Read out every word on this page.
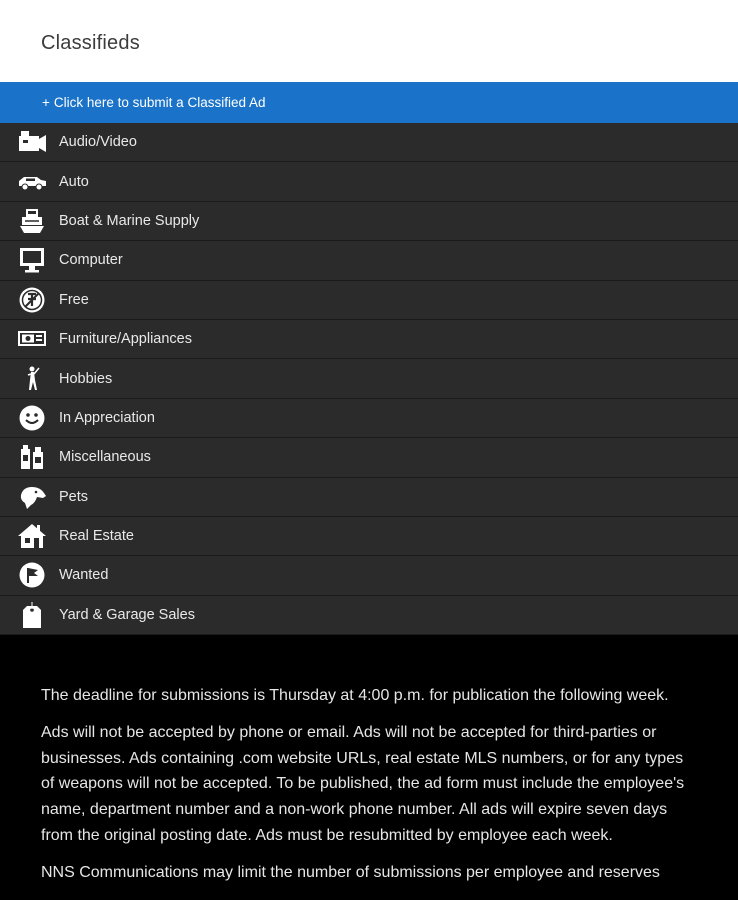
Classifieds
+ Click here to submit a Classified Ad
Audio/Video
Auto
Boat & Marine Supply
Computer
Free
Furniture/Appliances
Hobbies
In Appreciation
Miscellaneous
Pets
Real Estate
Wanted
Yard & Garage Sales

The deadline for submissions is Thursday at 4:00 p.m. for publication the following week.

Ads will not be accepted by phone or email. Ads will not be accepted for third-parties or businesses. Ads containing .com website URLs, real estate MLS numbers, or for any types of weapons will not be accepted. To be published, the ad form must include the employee's name, department number and a non-work phone number. All ads will expire seven days from the original posting date. Ads must be resubmitted by employee each week.

NNS Communications may limit the number of submissions per employee and reserves
